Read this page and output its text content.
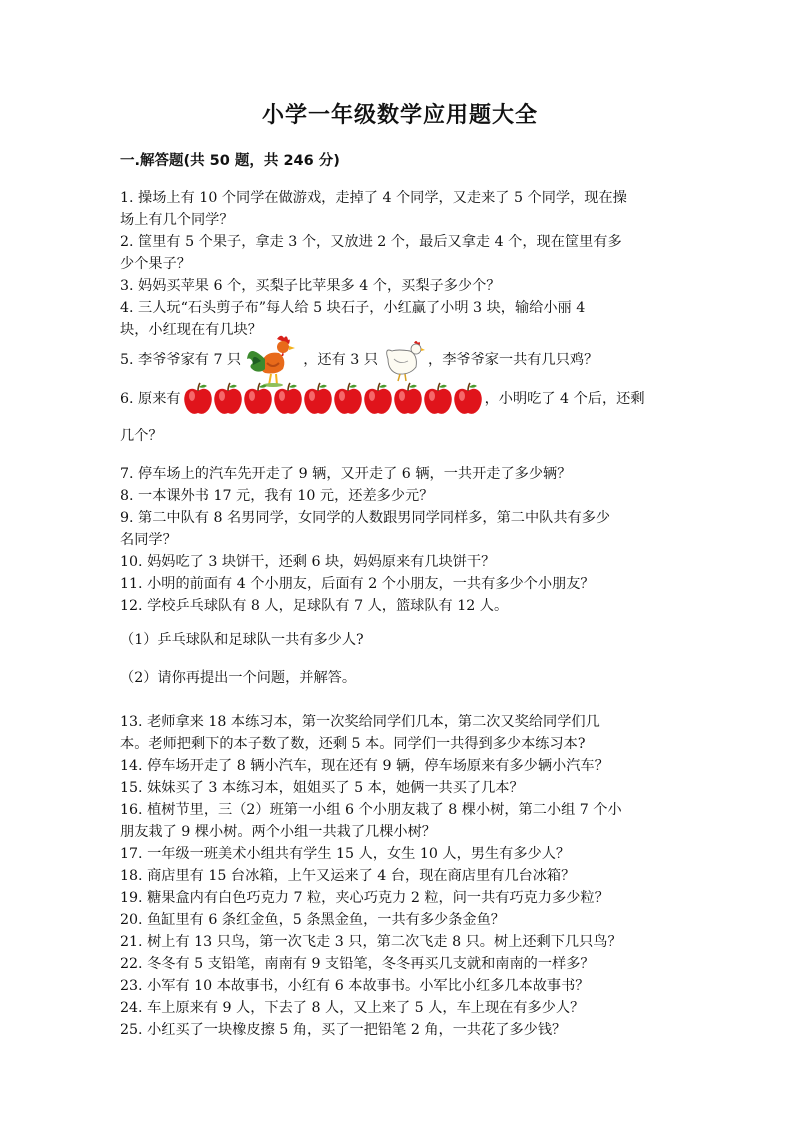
小学一年级数学应用题大全
一.解答题(共 50 题，共 246 分)
1. 操场上有 10 个同学在做游戏，走掉了 4 个同学，又走来了 5 个同学，现在操
场上有几个同学？
2. 筐里有 5 个果子，拿走 3 个，又放进 2 个，最后又拿走 4 个，现在筐里有多
少个果子？
3. 妈妈买苹果 6 个，买梨子比苹果多 4 个，买梨子多少个？
4. 三人玩“石头剪子布”每人给 5 块石子，小红赢了小明 3 块，输给小丽 4
块，小红现在有几块？
5. 李爷爷家有 7 只	，还有 3 只	，李爷爷家一共有几只鸡？
6. 原来有	，小明吃了 4 个后，还剩
几个？
7. 停车场上的汽车先开走了 9 辆，又开走了 6 辆，一共开走了多少辆？
8. 一本课外书 17 元，我有 10 元，还差多少元？
9. 第二中队有 8 名男同学，女同学的人数跟男同学同样多，第二中队共有多少
名同学？
10. 妈妈吃了 3 块饼干，还剩 6 块，妈妈原来有几块饼干？
11. 小明的前面有 4 个小朋友，后面有 2 个小朋友，一共有多少个小朋友？
12. 学校乒乓球队有 8 人，足球队有 7 人，篮球队有 12 人。
（1）乒乓球队和足球队一共有多少人?
（2）请你再提出一个问题，并解答。
13. 老师拿来 18 本练习本，第一次奖给同学们几本，第二次又奖给同学们几
本。老师把剩下的本子数了数，还剩 5 本。同学们一共得到多少本练习本?
14. 停车场开走了 8 辆小汽车，现在还有 9 辆，停车场原来有多少辆小汽车？
15. 妹妹买了 3 本练习本，姐姐买了 5 本，她俩一共买了几本？
16. 植树节里，三（2）班第一小组 6 个小朋友栽了 8 棵小树，第二小组 7 个小
朋友栽了 9 棵小树。两个小组一共栽了几棵小树？
17. 一年级一班美术小组共有学生 15 人，女生 10 人，男生有多少人？
18. 商店里有 15 台冰箱，上午又运来了 4 台，现在商店里有几台冰箱？
19. 糖果盒内有白色巧克力 7 粒，夹心巧克力 2 粒，问一共有巧克力多少粒？
20. 鱼缸里有 6 条红金鱼，5 条黑金鱼，一共有多少条金鱼？
21. 树上有 13 只鸟，第一次飞走 3 只，第二次飞走 8 只。树上还剩下几只鸟？
22. 冬冬有 5 支铅笔，南南有 9 支铅笔，冬冬再买几支就和南南的一样多？
23. 小军有 10 本故事书，小红有 6 本故事书。小军比小红多几本故事书？
24. 车上原来有 9 人，下去了 8 人，又上来了 5 人，车上现在有多少人？
25. 小红买了一块橡皮擦 5 角，买了一把铅笔 2 角，一共花了多少钱？
